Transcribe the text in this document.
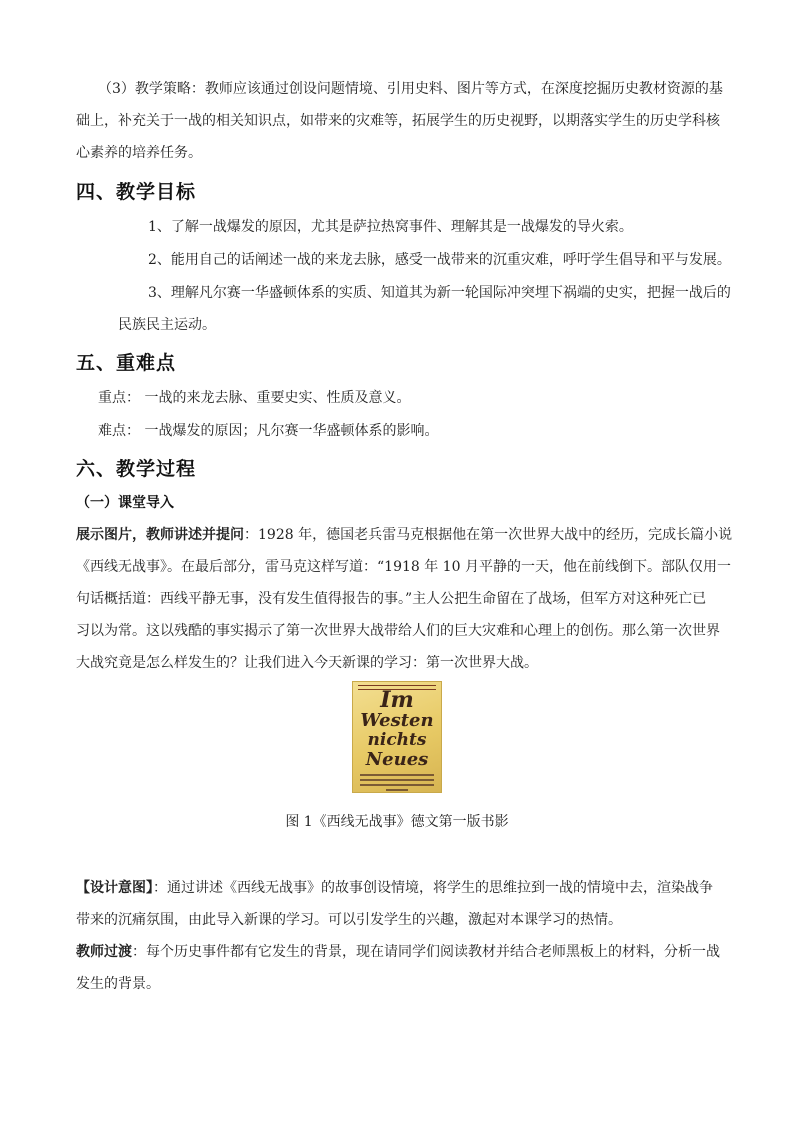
（3）教学策略：教师应该通过创设问题情境、引用史料、图片等方式，在深度挖掘历史教材资源的基
础上，补充关于一战的相关知识点，如带来的灾难等，拓展学生的历史视野，以期落实学生的历史学科核
心素养的培养任务。
四、教学目标
1、了解一战爆发的原因，尤其是萨拉热窝事件、理解其是一战爆发的导火索。
2、能用自己的话阐述一战的来龙去脉，感受一战带来的沉重灾难，呼吁学生倡导和平与发展。
3、理解凡尔赛一华盛顿体系的实质、知道其为新一轮国际冲突埋下祸端的史实，把握一战后的
民族民主运动。
五、重难点
重点： 一战的来龙去脉、重要史实、性质及意义。
难点： 一战爆发的原因；凡尔赛一华盛顿体系的影响。
六、教学过程
（一）课堂导入
展示图片，教师讲述并提问：1928 年，德国老兵雷马克根据他在第一次世界大战中的经历，完成长篇小说
《西线无战事》。在最后部分，雷马克这样写道：“1918 年 10 月平静的一天，他在前线倒下。部队仅用一
句话概括道：西线平静无事，没有发生值得报告的事。”主人公把生命留在了战场，但军方对这种死亡已
习以为常。这以残酷的事实揭示了第一次世界大战带给人们的巨大灾难和心理上的创伤。那么第一次世界
大战究竟是怎么样发生的？让我们进入今天新课的学习：第一次世界大战。
Im
Westen
nichts
Neues
图 1《西线无战事》德文第一版书影
【设计意图】：通过讲述《西线无战事》的故事创设情境，将学生的思维拉到一战的情境中去，渲染战争
带来的沉痛氛围，由此导入新课的学习。可以引发学生的兴趣，激起对本课学习的热情。
教师过渡：每个历史事件都有它发生的背景，现在请同学们阅读教材并结合老师黑板上的材料，分析一战
发生的背景。
